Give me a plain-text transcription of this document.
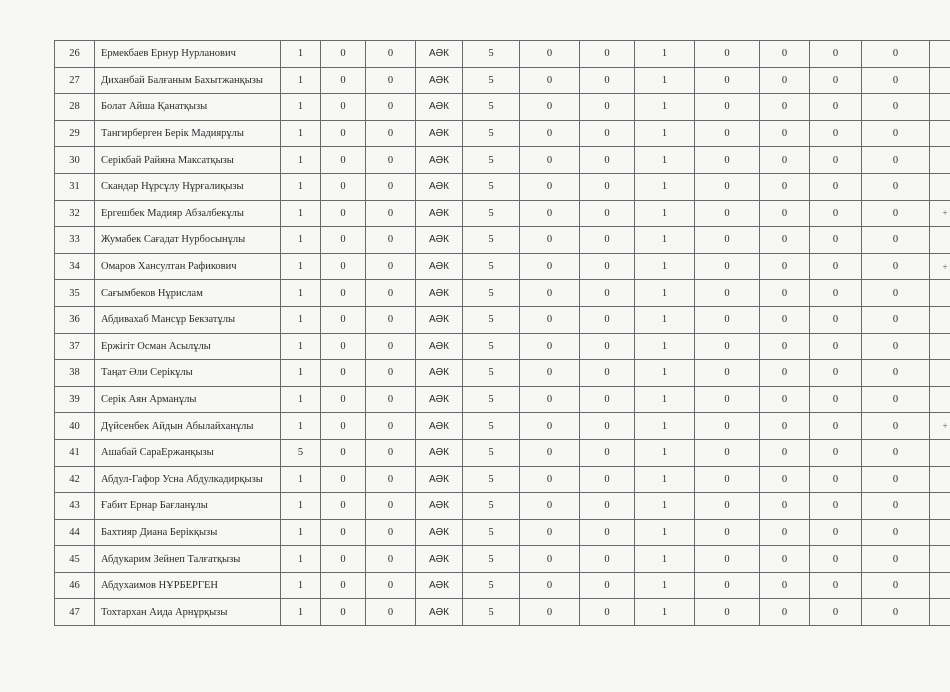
26	Ермекбаев Ернур Нурланович	1	0	0	АӘК	5	0	0	1	0	0	0	0	
27	Диханбай Балғаным Бахытжанқызы	1	0	0	АӘК	5	0	0	1	0	0	0	0	
28	Болат Айша Қанатқызы	1	0	0	АӘК	5	0	0	1	0	0	0	0	
29	Тангирберген Берік Мадиярұлы	1	0	0	АӘК	5	0	0	1	0	0	0	0	
30	Серікбай Райяна Максатқызы	1	0	0	АӘК	5	0	0	1	0	0	0	0	
31	Скандар Нұрсұлу Нұрғалиқызы	1	0	0	АӘК	5	0	0	1	0	0	0	0	
32	Ергешбек Мадияр Абзалбекұлы	1	0	0	АӘК	5	0	0	1	0	0	0	0	+
33	Жумабек Сағадат Нурбосынұлы	1	0	0	АӘК	5	0	0	1	0	0	0	0	
34	Омаров Хансултан Рафикович	1	0	0	АӘК	5	0	0	1	0	0	0	0	+
35	Сағымбеков Нұрислам	1	0	0	АӘК	5	0	0	1	0	0	0	0	
36	Абдивахаб Мансұр Бекзатұлы	1	0	0	АӘК	5	0	0	1	0	0	0	0	
37	Ержігіт Осман Асылұлы	1	0	0	АӘК	5	0	0	1	0	0	0	0	
38	Таңат Әли Серікұлы	1	0	0	АӘК	5	0	0	1	0	0	0	0	
39	Серік Аян Арманұлы	1	0	0	АӘК	5	0	0	1	0	0	0	0	
40	Дүйсенбек Айдын Абылайханұлы	1	0	0	АӘК	5	0	0	1	0	0	0	0	+
41	Ашабай СараЕржанқызы	5	0	0	АӘК	5	0	0	1	0	0	0	0	
42	Абдул-Гафор Усна Абдулкадирқызы	1	0	0	АӘК	5	0	0	1	0	0	0	0	
43	Ғабит Ернар Бағланұлы	1	0	0	АӘК	5	0	0	1	0	0	0	0	
44	Бахтияр Диана Берікқызы	1	0	0	АӘК	5	0	0	1	0	0	0	0	
45	Абдукарим Зейнеп Талғатқызы	1	0	0	АӘК	5	0	0	1	0	0	0	0	
46	Абдухаимов НҰРБЕРГЕН	1	0	0	АӘК	5	0	0	1	0	0	0	0	
47	Тохтархан Аида Арнұрқызы	1	0	0	АӘК	5	0	0	1	0	0	0	0	
